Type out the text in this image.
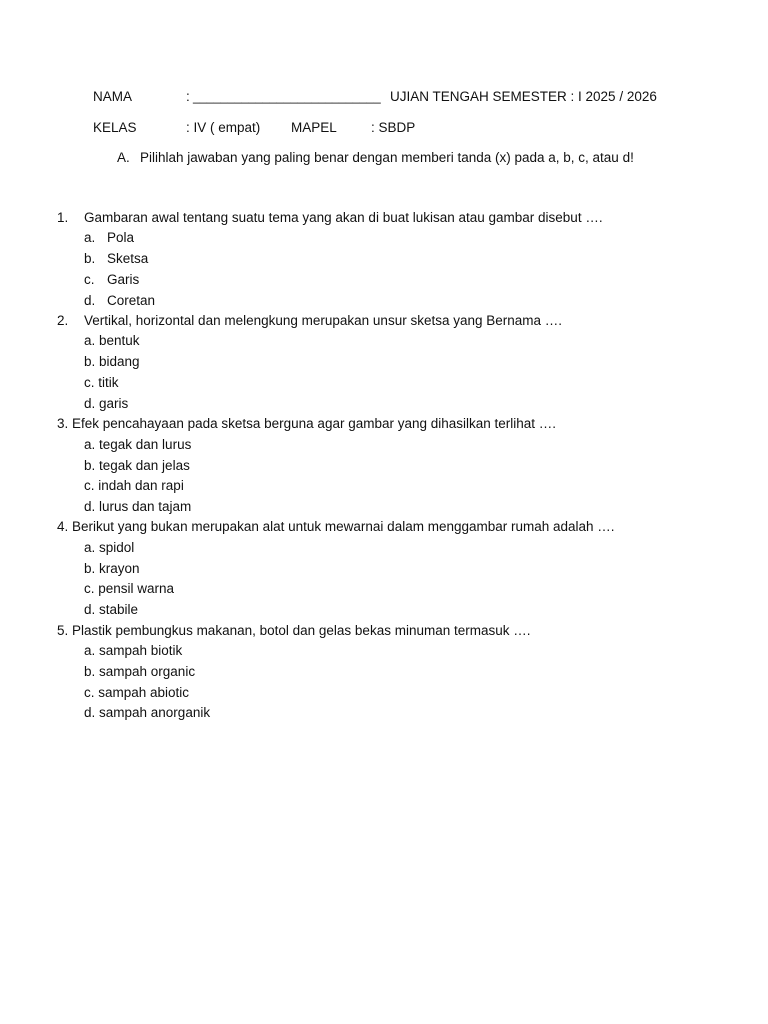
NAMA	: ___________________________ UJIAN TENGAH SEMESTER : I 2025 / 2026
KELAS	: IV ( empat) MAPEL	: SBDP
A. Pilihlah jawaban yang paling benar dengan memberi tanda (x) pada a, b, c, atau d!
1. Gambaran awal tentang suatu tema yang akan di buat lukisan atau gambar disebut ….
a. Pola
b. Sketsa
c. Garis
d. Coretan
2. Vertikal, horizontal dan melengkung merupakan unsur sketsa yang Bernama ….
a. bentuk
b. bidang
c. titik
d. garis
3. Efek pencahayaan pada sketsa berguna agar gambar yang dihasilkan terlihat ….
a. tegak dan lurus
b. tegak dan jelas
c. indah dan rapi
d. lurus dan tajam
4. Berikut yang bukan merupakan alat untuk mewarnai dalam menggambar rumah adalah ….
a. spidol
b. krayon
c. pensil warna
d. stabile
5. Plastik pembungkus makanan, botol dan gelas bekas minuman termasuk ….
a. sampah biotik
b. sampah organic
c. sampah abiotic
d. sampah anorganik
